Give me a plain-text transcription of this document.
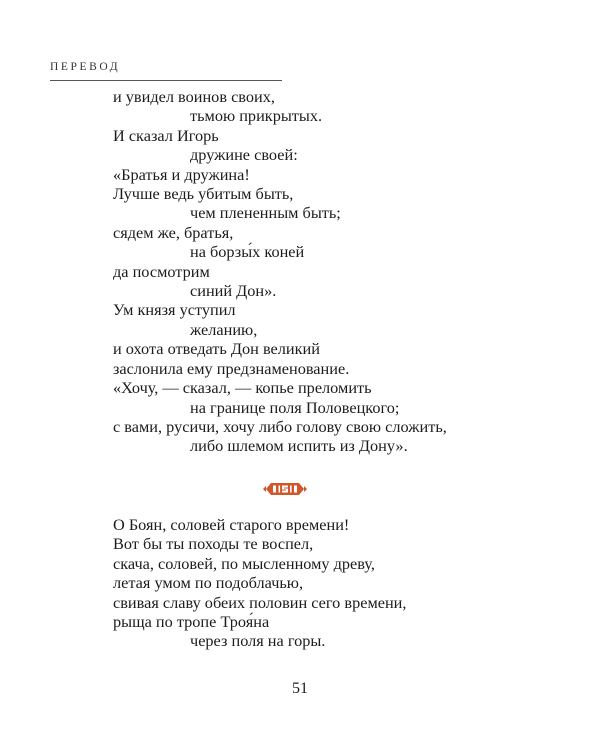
ПЕРЕВОД
и увидел воинов своих,
тьмою прикрытых.
И сказал Игорь
дружине своей:
«Братья и дружина!
Лучше ведь убитым быть,
чем плененным быть;
сядем же, братья,
на борзы́х коней
да посмотрим
синий Дон».
Ум князя уступил
желанию,
и охота отведать Дон великий
заслонила ему предзнаменование.
«Хочу, — сказал, — копье преломить
на границе поля Половецкого;
с вами, русичи, хочу либо голову свою сложить,
либо шлемом испить из Дону».
О Боян, соловей старого времени!
Вот бы ты походы те воспел,
скача, соловей, по мысленному древу,
летая умом по подоблачью,
свивая славу обеих половин сего времени,
рыща по тропе Троя́на
через поля на горы.
51
